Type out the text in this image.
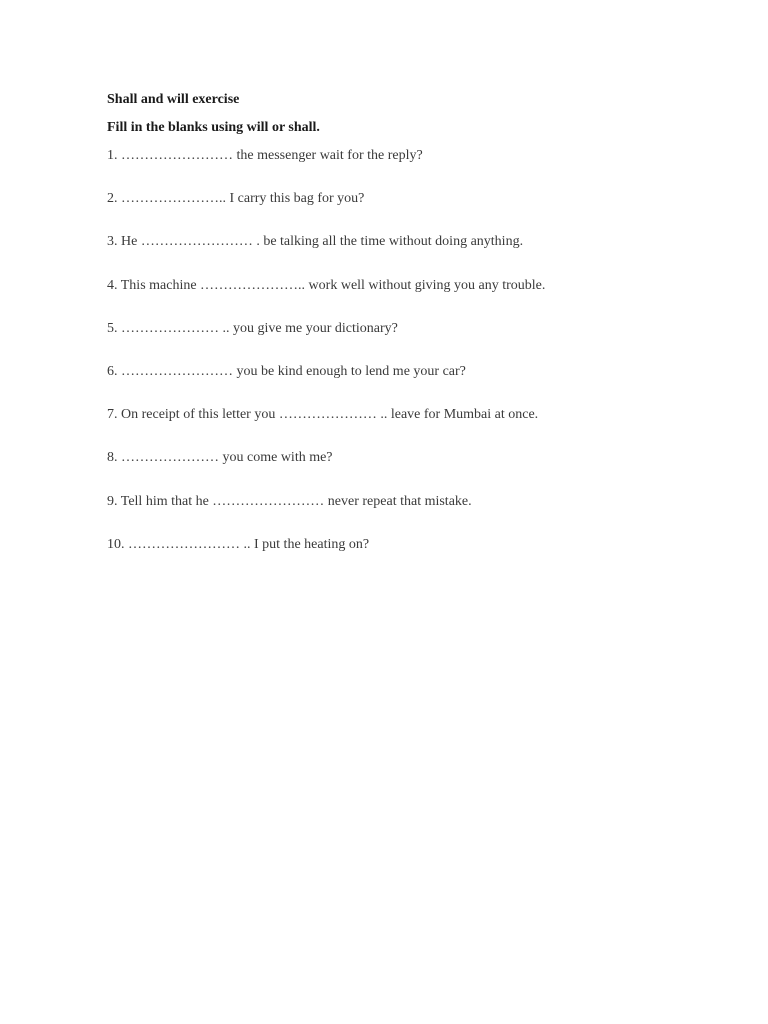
Shall and will exercise
Fill in the blanks using will or shall.
1. …………………… the messenger wait for the reply?
2. ………………….. I carry this bag for you?
3. He …………………… . be talking all the time without doing anything.
4. This machine ………………….. work well without giving you any trouble.
5. ………………… .. you give me your dictionary?
6. …………………… you be kind enough to lend me your car?
7. On receipt of this letter you ………………… .. leave for Mumbai at once.
8. ………………… you come with me?
9. Tell him that he …………………… never repeat that mistake.
10. …………………… .. I put the heating on?
